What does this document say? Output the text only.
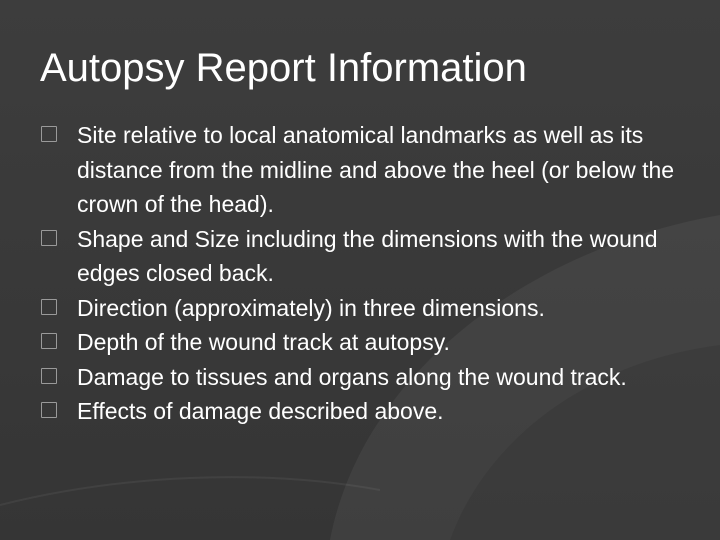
Autopsy Report Information
Site relative to local anatomical landmarks as well as its distance from the midline and above the heel (or below the crown of the head).
Shape and Size including the dimensions with the wound edges closed back.
Direction (approximately) in three dimensions.
Depth of the wound track at autopsy.
Damage to tissues and organs along the wound track.
Effects of damage described above.
